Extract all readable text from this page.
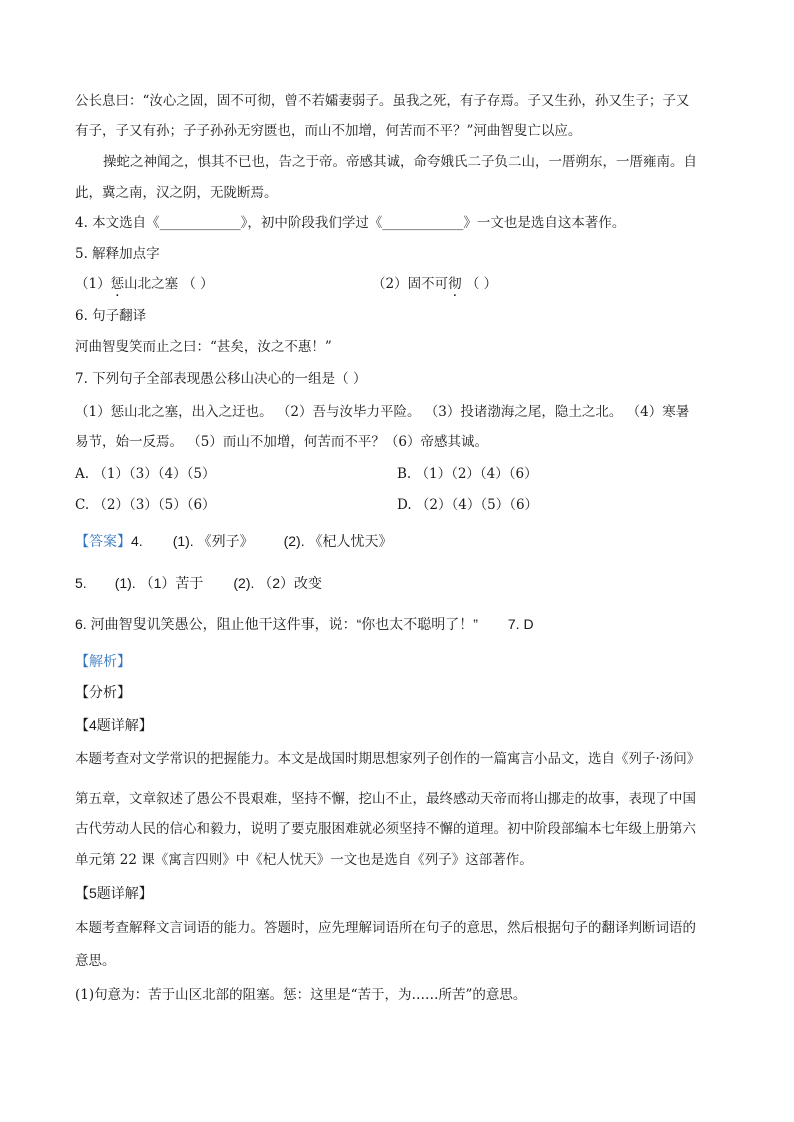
公长息曰：“汝心之固，固不可彻，曾不若孀妻弱子。虽我之死，有子存焉。子又生孙，孙又生子；子又
有子，子又有孙；子子孙孙无穷匮也，而山不加增，何苦而不平？”河曲智叟亡以应。
操蛇之神闻之，惧其不已也，告之于帝。帝感其诚，命夸娥氏二子负二山，一厝朔东，一厝雍南。自
此，冀之南，汉之阴，无陇断焉。
4. 本文选自《____________》，初中阶段我们学过《____________》一文也是选自这本著作。
5. 解释加点字
（1）惩山北之塞 （ ）	（2）固不可彻 （ ）
6. 句子翻译
河曲智叟笑而止之曰：“甚矣，汝之不惠！”
7. 下列句子全部表现愚公移山决心的一组是（ ）
（1）惩山北之塞，出入之迂也。 （2）吾与汝毕力平险。 （3）投诸渤海之尾，隐土之北。 （4）寒暑
易节，始一反焉。 （5）而山不加增，何苦而不平？（6）帝感其诚。
A. （1）（3）（4）（5）	B. （1）（2）（4）（6）
C. （2）（3）（5）（6）	D. （2）（4）（5）（6）
【答案】4. (1). 《列子》 (2). 《杞人忧天》
5. (1). （1）苦于 (2). （2）改变
6. 河曲智叟讥笑愚公，阻止他干这件事，说：“你也太不聪明了！” 7. D
【解析】
【分析】
【4题详解】
本题考查对文学常识的把握能力。本文是战国时期思想家列子创作的一篇寓言小品文，选自《列子·汤问》
第五章，文章叙述了愚公不畏艰难，坚持不懈，挖山不止，最终感动天帝而将山挪走的故事，表现了中国
古代劳动人民的信心和毅力，说明了要克服困难就必须坚持不懈的道理。初中阶段部编本七年级上册第六
单元第 22 课《寓言四则》中《杞人忧天》一文也是选自《列子》这部著作。
【5题详解】
本题考查解释文言词语的能力。答题时，应先理解词语所在句子的意思，然后根据句子的翻译判断词语的
意思。
(1)句意为：苦于山区北部的阻塞。惩：这里是“苦于，为……所苦”的意思。
